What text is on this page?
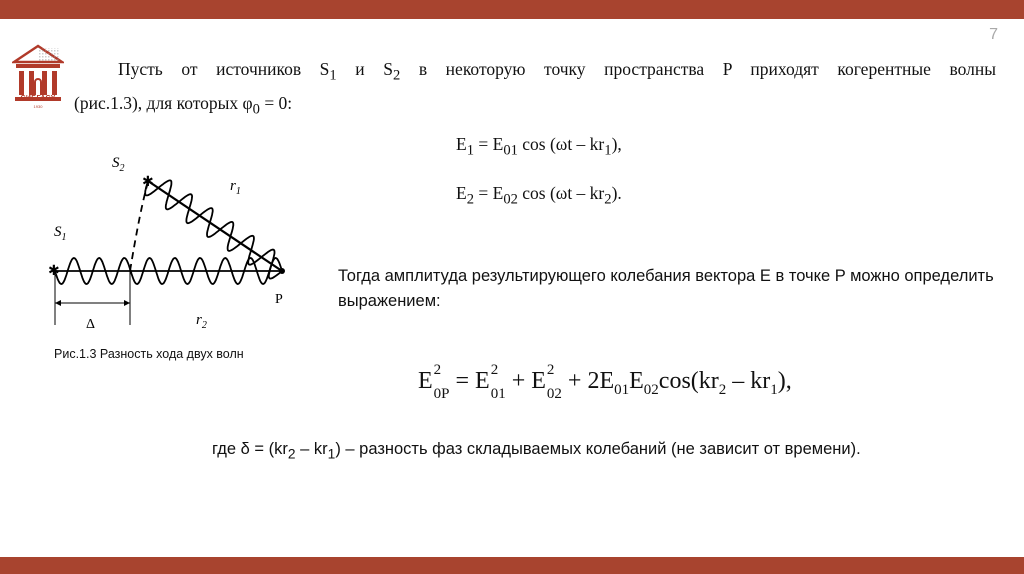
7
СИБГАСУ
1930
Пусть от источников $S_1$ и $S_2$ в некоторую точку пространства P приходят когерентные волны
(рис.1.3), для которых $\varphi_0 = 0$:
$E_1 = E_{01}$ $\cos (\omega t - kr_1)$,
$E_2 = E_{02}$ $\cos (\omega t - kr_2)$.
✱
✱
$S_1$
$S_2$
$r_1$
$r_2$
P
Δ
Рис.1.3 Разность хода двух волн
Тогда амплитуда результирующего колебания вектора E в точке P можно определить выражением:
E 2
0P
= E 2
01
+ E 2
02
+ $2E_{01}E_{02}\cos(kr_2 - kr_1)$,
где $\delta = (kr_2 - kr_1)$ – разность фаз складываемых колебаний (не зависит от времени).
